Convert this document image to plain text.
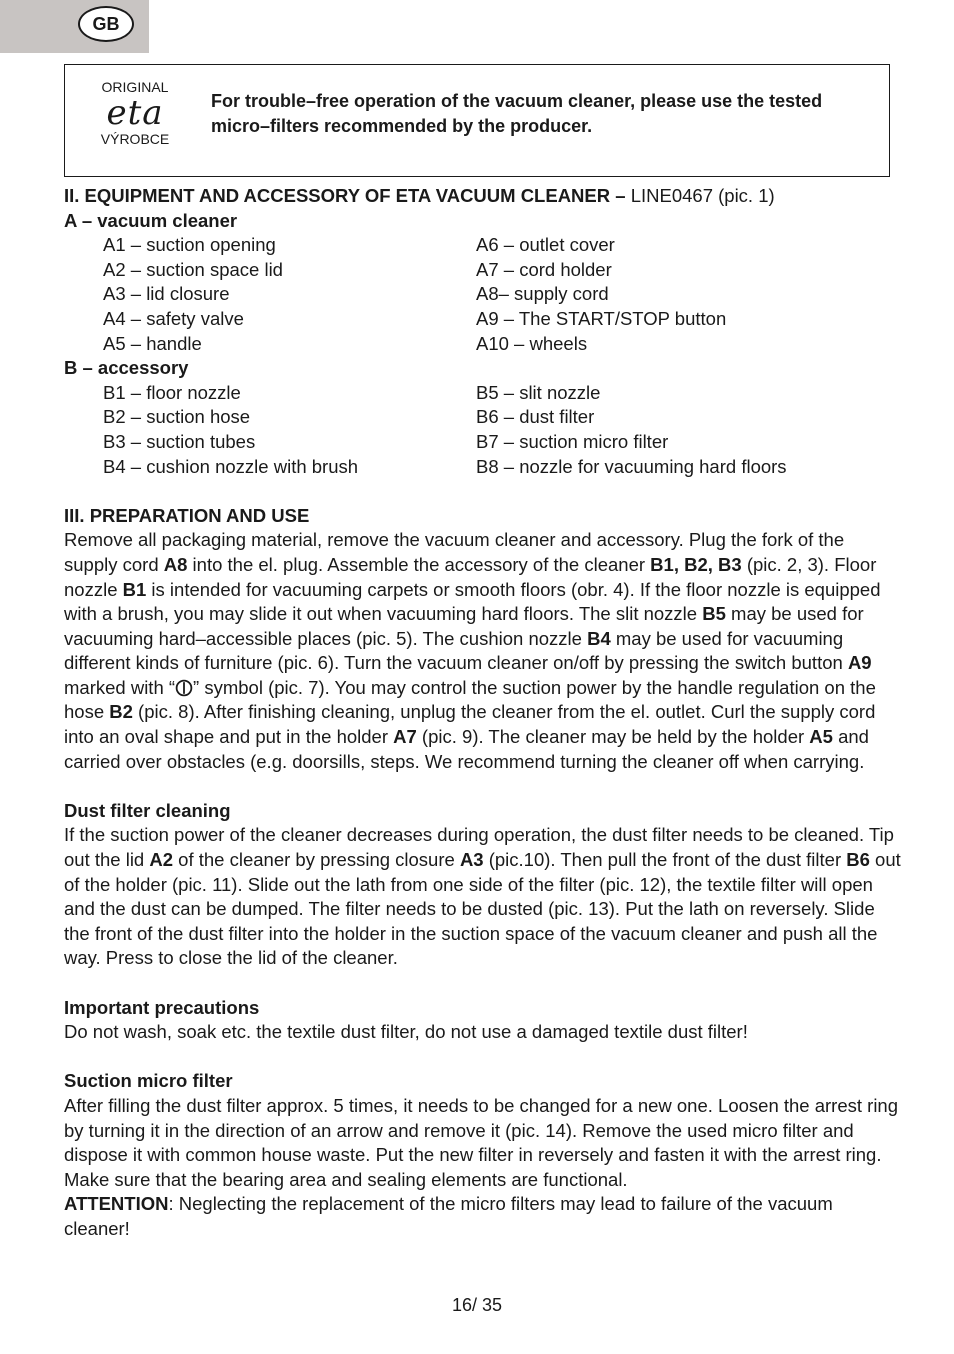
GB
ORIGINAL
eta
VÝROBCE
For trouble–free operation of the vacuum cleaner, please use the tested micro–filters recommended by the producer.

II. EQUIPMENT AND ACCESSORY OF ETA VACUUM CLEANER – LINE0467 (pic. 1)

A – vacuum cleaner

A1 – suction opening	A6 – outlet cover
A2 – suction space lid	A7 – cord holder
A3 – lid closure	A8– supply cord
A4 – safety valve	A9 – The START/STOP button
A5 – handle	A10 – wheels

B – accessory

B1 – floor nozzle	B5 – slit nozzle
B2 – suction hose	B6 – dust filter
B3 – suction tubes	B7 – suction micro filter
B4 – cushion nozzle with brush	B8 – nozzle for vacuuming hard floors

III. PREPARATION AND USE

Remove all packaging material, remove the vacuum cleaner and accessory. Plug the fork of the supply cord A8 into the el. plug. Assemble the accessory of the cleaner B1, B2, B3 (pic. 2, 3). Floor nozzle B1 is intended for vacuuming carpets or smooth floors (obr. 4). If the floor nozzle is equipped with a brush, you may slide it out when vacuuming hard floors. The slit nozzle B5 may be used for vacuuming hard–accessible places (pic. 5). The cushion nozzle B4 may be used for vacuuming different kinds of furniture (pic. 6). Turn the vacuum cleaner on/off by pressing the switch button A9 marked with “ ” symbol (pic. 7). You may control the suction power by the handle regulation on the hose B2 (pic. 8). After finishing cleaning, unplug the cleaner from the el. outlet. Curl the supply cord into an oval shape and put in the holder A7 (pic. 9). The cleaner may be held by the holder A5 and carried over obstacles (e.g. doorsills, steps. We recommend turning the cleaner off when carrying.

Dust filter cleaning

If the suction power of the cleaner decreases during operation, the dust filter needs to be cleaned. Tip out the lid A2 of the cleaner by pressing closure A3 (pic.10). Then pull the front of the dust filter B6 out of the holder (pic. 11). Slide out the lath from one side of the filter (pic. 12), the textile filter will open and the dust can be dumped. The filter needs to be dusted (pic. 13). Put the lath on reversely. Slide the front of the dust filter into the holder in the suction space of the vacuum cleaner and push all the way. Press to close the lid of the cleaner.

Important precautions

Do not wash, soak etc. the textile dust filter, do not use a damaged textile dust filter!

Suction micro filter

After filling the dust filter approx. 5 times, it needs to be changed for a new one. Loosen the arrest ring by turning it in the direction of an arrow and remove it (pic. 14). Remove the used micro filter and dispose it with common house waste. Put the new filter in reversely and fasten it with the arrest ring. Make sure that the bearing area and sealing elements are functional.

ATTENTION: Neglecting the replacement of the micro filters may lead to failure of the vacuum cleaner!

16/ 35
